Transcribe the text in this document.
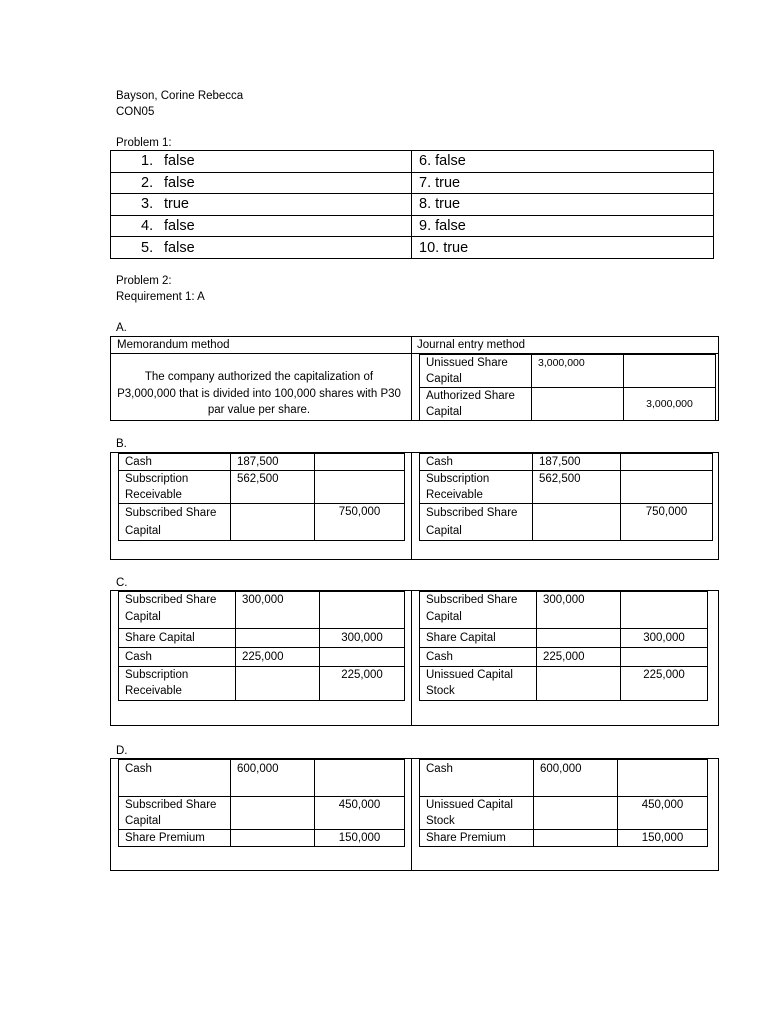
Bayson, Corine Rebecca
CON05
Problem 1:
1. false	6. false
2. false	7. true
3. true	8. true
4. false	9. false
5. false	10. true
Problem 2:
Requirement 1: A
A.
Memorandum method	Journal entry method
The company authorized the capitalization of P3,000,000 that is divided into 100,000 shares with P30 par value per share.
Unissued Share Capital	3,000,000	
Authorized Share Capital		3,000,000
B.
Cash	187,500	
Subscription Receivable	562,500	
Subscribed Share Capital		750,000
Cash	187,500	
Subscription Receivable	562,500	
Subscribed Share Capital		750,000
C.
Subscribed Share Capital	300,000	
Share Capital		300,000
Cash	225,000	
Subscription Receivable		225,000
Subscribed Share Capital	300,000	
Share Capital		300,000
Cash	225,000	
Unissued Capital Stock		225,000
D.
Cash	600,000	
Subscribed Share Capital		450,000
Share Premium		150,000
Cash	600,000	
Unissued Capital Stock		450,000
Share Premium		150,000
